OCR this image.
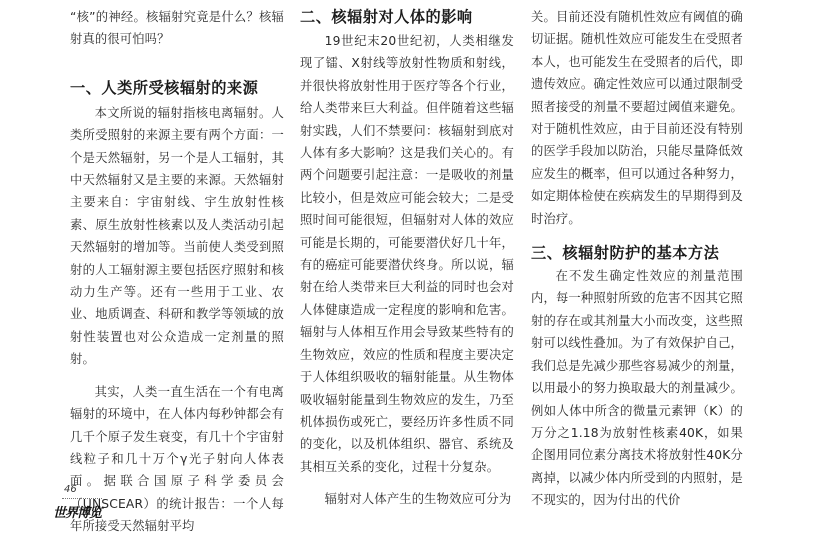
“核”的神经。核辐射究竟是什么？核辐射真的很可怕吗？

一、人类所受核辐射的来源

本文所说的辐射指核电离辐射。人类所受照射的来源主要有两个方面：一个是天然辐射，另一个是人工辐射，其中天然辐射又是主要的来源。天然辐射主要来自：宇宙射线、宇生放射性核素、原生放射性核素以及人类活动引起天然辐射的增加等。当前使人类受到照射的人工辐射源主要包括医疗照射和核动力生产等。还有一些用于工业、农业、地质调查、科研和教学等领域的放射性装置也对公众造成一定剂量的照射。

其实，人类一直生活在一个有电离辐射的环境中，在人体内每秒钟都会有几千个原子发生衰变，有几十个宇宙射线粒子和几十万个γ光子射向人体表面。据联合国原子科学委员会（UNSCEAR）的统计报告：一个人每年所接受天然辐射平均

二、核辐射对人体的影响

19世纪末20世纪初，人类相继发现了镭、X射线等放射性物质和射线，并很快将放射性用于医疗等各个行业，给人类带来巨大利益。但伴随着这些辐射实践，人们不禁要问：核辐射到底对人体有多大影响？这是我们关心的。有两个问题要引起注意：一是吸收的剂量比较小，但是效应可能会较大；二是受照时间可能很短，但辐射对人体的效应可能是长期的，可能要潜伏好几十年，有的癌症可能要潜伏终身。所以说，辐射在给人类带来巨大利益的同时也会对人体健康造成一定程度的影响和危害。辐射与人体相互作用会导致某些特有的生物效应，效应的性质和程度主要决定于人体组织吸收的辐射能量。从生物体吸收辐射能量到生物效应的发生，乃至机体损伤或死亡，要经历许多性质不同的变化，以及机体组织、器官、系统及其相互关系的变化，过程十分复杂。

辐射对人体产生的生物效应可分为

关。目前还没有随机性效应有阈值的确切证据。随机性效应可能发生在受照者本人，也可能发生在受照者的后代，即遗传效应。确定性效应可以通过限制受照者接受的剂量不要超过阈值来避免。对于随机性效应，由于目前还没有特别的医学手段加以防治，只能尽量降低效应发生的概率，但可以通过各种努力，如定期体检使在疾病发生的早期得到及时治疗。

三、核辐射防护的基本方法

在不发生确定性效应的剂量范围内，每一种照射所致的危害不因其它照射的存在或其剂量大小而改变，这些照射可以线性叠加。为了有效保护自己，我们总是先减少那些容易减少的剂量，以用最小的努力换取最大的剂量减少。例如人体中所含的微量元素钾（K）的万分之1.18为放射性核素40K，如果企图用同位素分离技术将放射性40K分离掉，以减少体内所受到的内照射，是不现实的，因为付出的代价

46
世界博览
